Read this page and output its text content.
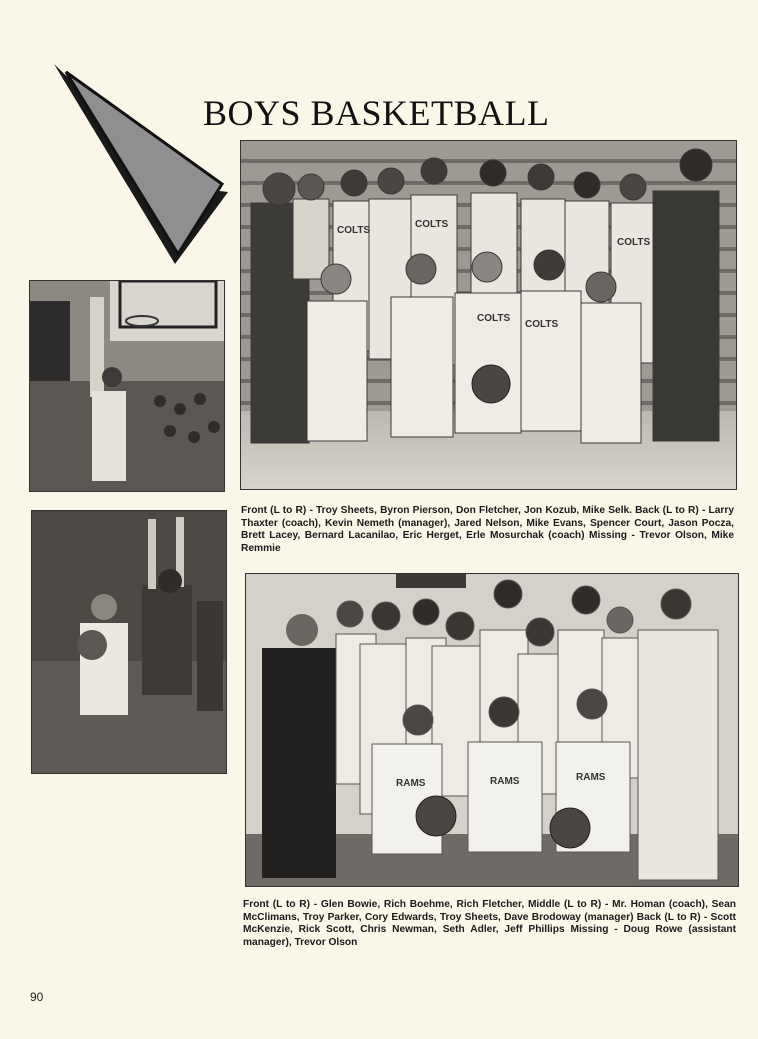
BOYS BASKETBALL
COLTS
COLTS
COLTS
COLTS
COLTS
Front (L to R) - Troy Sheets, Byron Pierson, Don Fletcher, Jon Kozub, Mike Selk. Back (L to R) - Larry Thaxter (coach), Kevin Nemeth (manager), Jared Nelson, Mike Evans, Spencer Court, Jason Pocza, Brett Lacey, Bernard Lacanilao, Eric Herget, Erle Mosurchak (coach) Missing - Trevor Olson, Mike Remmie
RAMS	RAMS	RAMS
Front (L to R) - Glen Bowie, Rich Boehme, Rich Fletcher, Middle (L to R) - Mr. Homan (coach), Sean McClimans, Troy Parker, Cory Edwards, Troy Sheets, Dave Brodoway (manager) Back (L to R) - Scott McKenzie, Rick Scott, Chris Newman, Seth Adler, Jeff Phillips Missing - Doug Rowe (assistant manager), Trevor Olson
90
